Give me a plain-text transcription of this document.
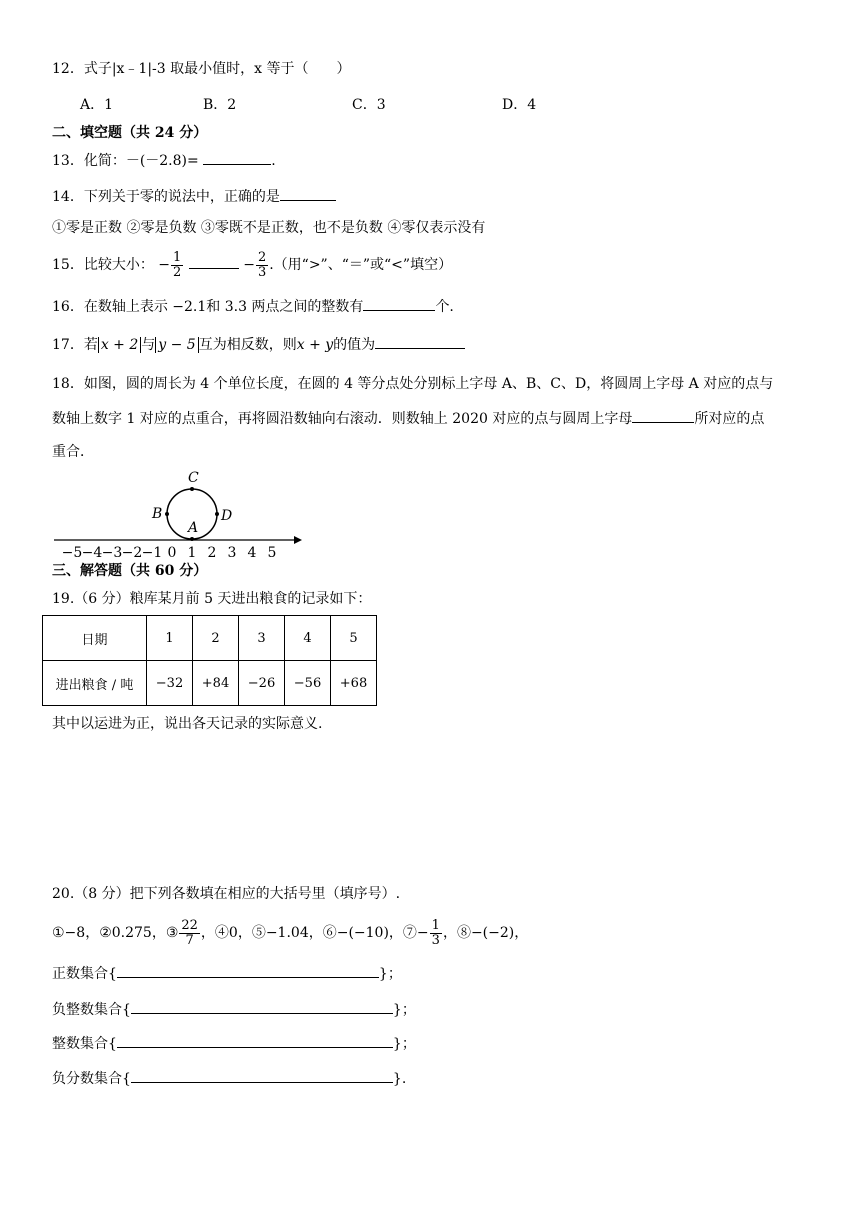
12．式子|x﹣1|-3 取最小值时，x 等于（　　）
A．1	B．2	C．3	D．4
二、填空题（共 24 分）
13．化简：－(－2.8)=	.
14．下列关于零的说法中，正确的是
①零是正数 ②零是负数 ③零既不是正数，也不是负数 ④零仅表示没有
15．比较大小： − $\frac{1}{2}$	− $\frac{2}{3}$ .（用“>”、“＝”或“<”填空）
16．在数轴上表示 −2.1和 3.3 两点之间的整数有	个.
17．若 x + 2 与 y − 5 互为相反数，则x + y的值为
18．如图，圆的周长为 4 个单位长度，在圆的 4 等分点处分别标上字母 A、B、C、D，将圆周上字母 A 对应的点与
数轴上数字 1 对应的点重合，再将圆沿数轴向右滚动．则数轴上 2020 对应的点与圆周上字母	所对应的点
重合．
C
B
A
D
−5 −4 −3 −2 −1 0 1 2 3 4 5
三、解答题（共 60 分）
19.（6 分）粮库某月前 5 天进出粮食的记录如下：
日期	1	2	3	4	5
进出粮食 / 吨	−32	+84	−26	−56	+68
其中以运进为正，说出各天记录的实际意义.
20.（8 分）把下列各数填在相应的大括号里（填序号）.
①−8，②0.275，③ $\frac{22}{7}$ ，④0，⑤−1.04，⑥−(−10)，⑦− $\frac{1}{3}$ ，⑧−(−2)，
正数集合{	}；
负整数集合{	}；
整数集合{	}；
负分数集合{	}.
